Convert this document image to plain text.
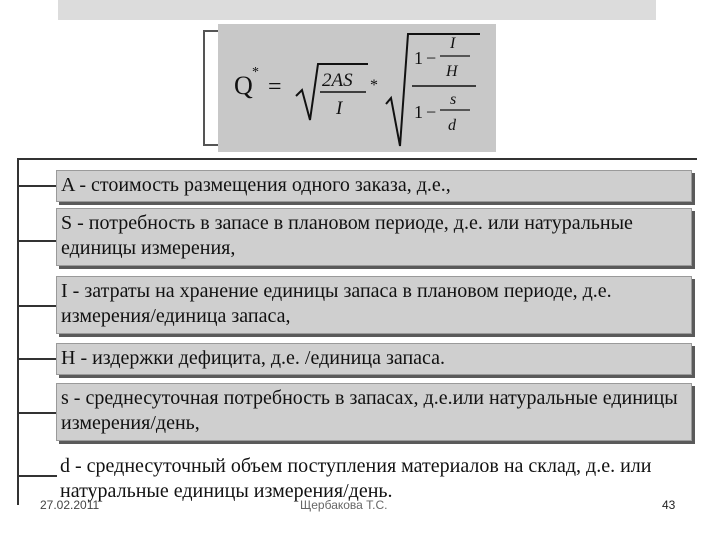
Q *
= 2AS
I
*
1 −
I
H
1 −
s
d
A - стоимость размещения одного заказа, д.е.,
S - потребность в запасе в плановом периоде, д.е. или натуральные единицы измерения,
I - затраты на хранение единицы запаса в плановом периоде, д.е. измерения/единица запаса,
H - издержки дефицита, д.е. /единица запаса.
s - среднесуточная потребность в запасах, д.е.или натуральные единицы измерения/день,
d - среднесуточный объем поступления материалов на склад, д.е. или натуральные единицы измерения/день.
27.02.2011	Щербакова Т.С.	43
